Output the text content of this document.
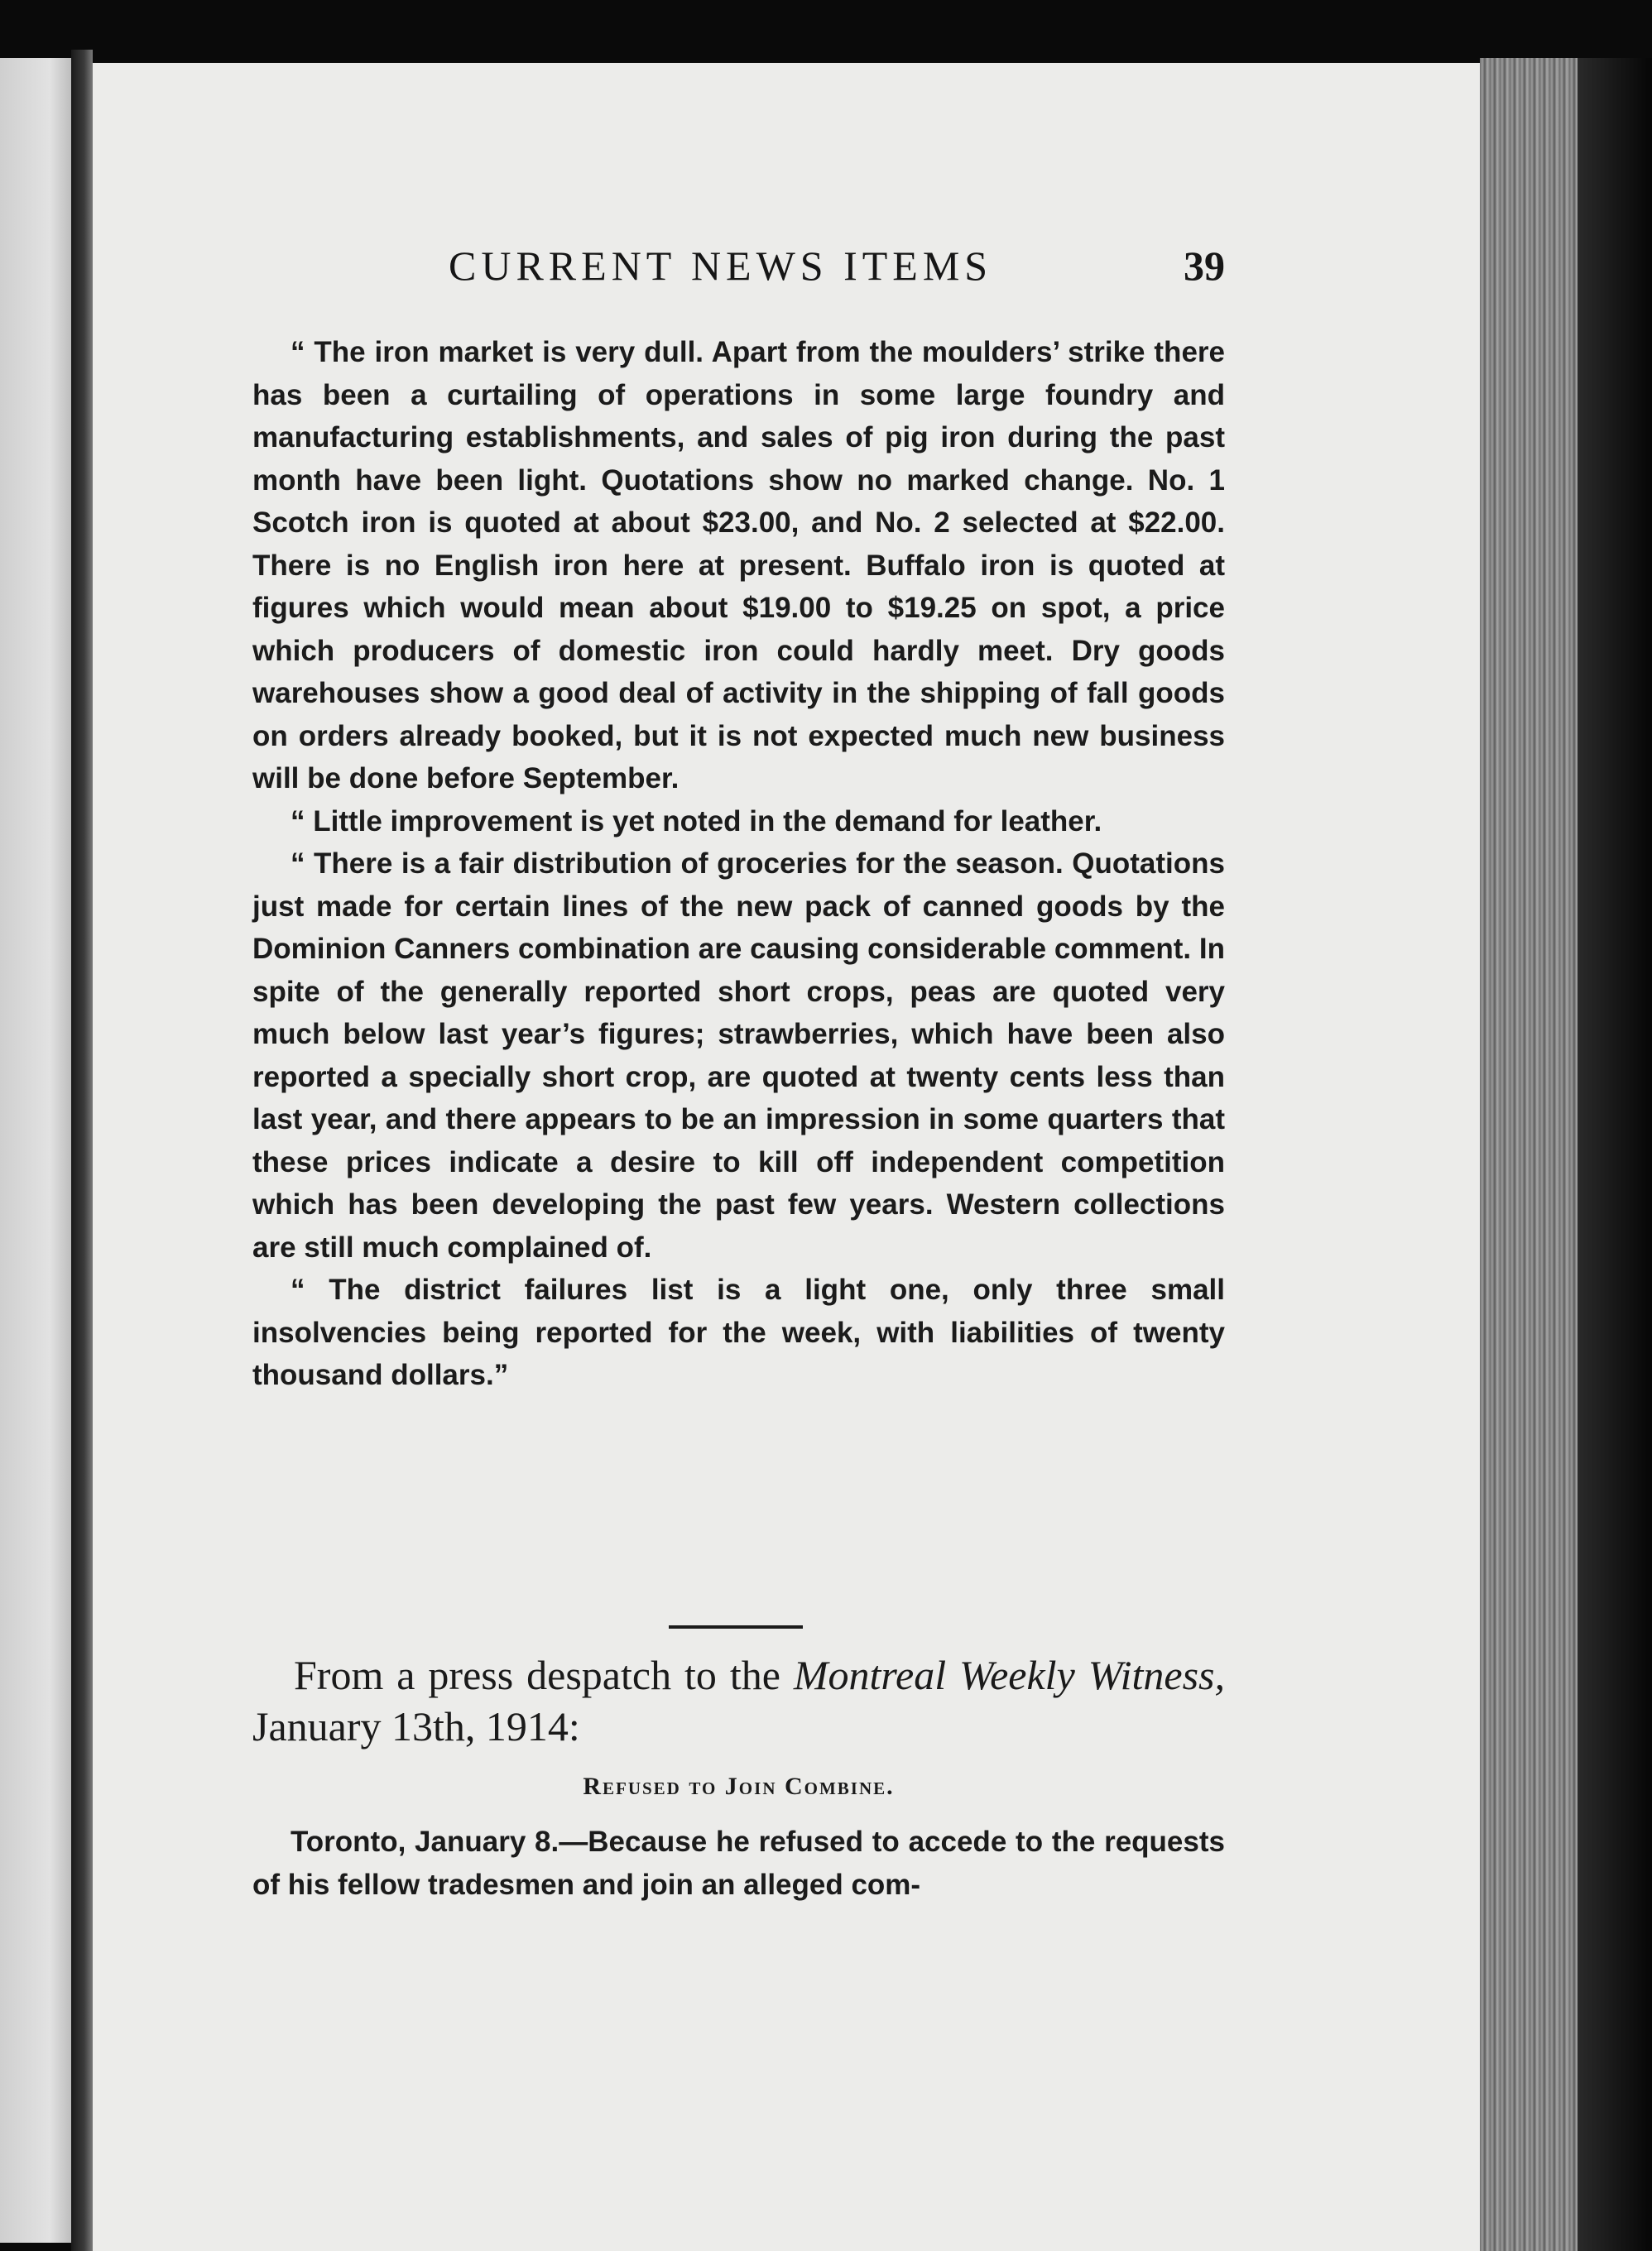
CURRENT NEWS ITEMS	39

“ The iron market is very dull. Apart from the moulders’ strike there has been a curtailing of operations in some large foundry and manufacturing establishments, and sales of pig iron during the past month have been light. Quotations show no marked change. No. 1 Scotch iron is quoted at about $23.00, and No. 2 selected at $22.00. There is no English iron here at present. Buffalo iron is quoted at figures which would mean about $19.00 to $19.25 on spot, a price which producers of domestic iron could hardly meet. Dry goods warehouses show a good deal of activity in the shipping of fall goods on orders already booked, but it is not expected much new business will be done before September.

“ Little improvement is yet noted in the demand for leather.

“ There is a fair distribution of groceries for the season. Quotations just made for certain lines of the new pack of canned goods by the Dominion Canners combination are causing considerable comment. In spite of the generally reported short crops, peas are quoted very much below last year’s figures; strawberries, which have been also reported a specially short crop, are quoted at twenty cents less than last year, and there appears to be an impression in some quarters that these prices indicate a desire to kill off independent competition which has been developing the past few years. Western collections are still much complained of.

“ The district failures list is a light one, only three small insolvencies being reported for the week, with liabilities of twenty thousand dollars.”

From a press despatch to the Montreal Weekly Witness, January 13th, 1914:
Refused to Join Combine.

Toronto, January 8.—Because he refused to accede to the requests of his fellow tradesmen and join an alleged com-
